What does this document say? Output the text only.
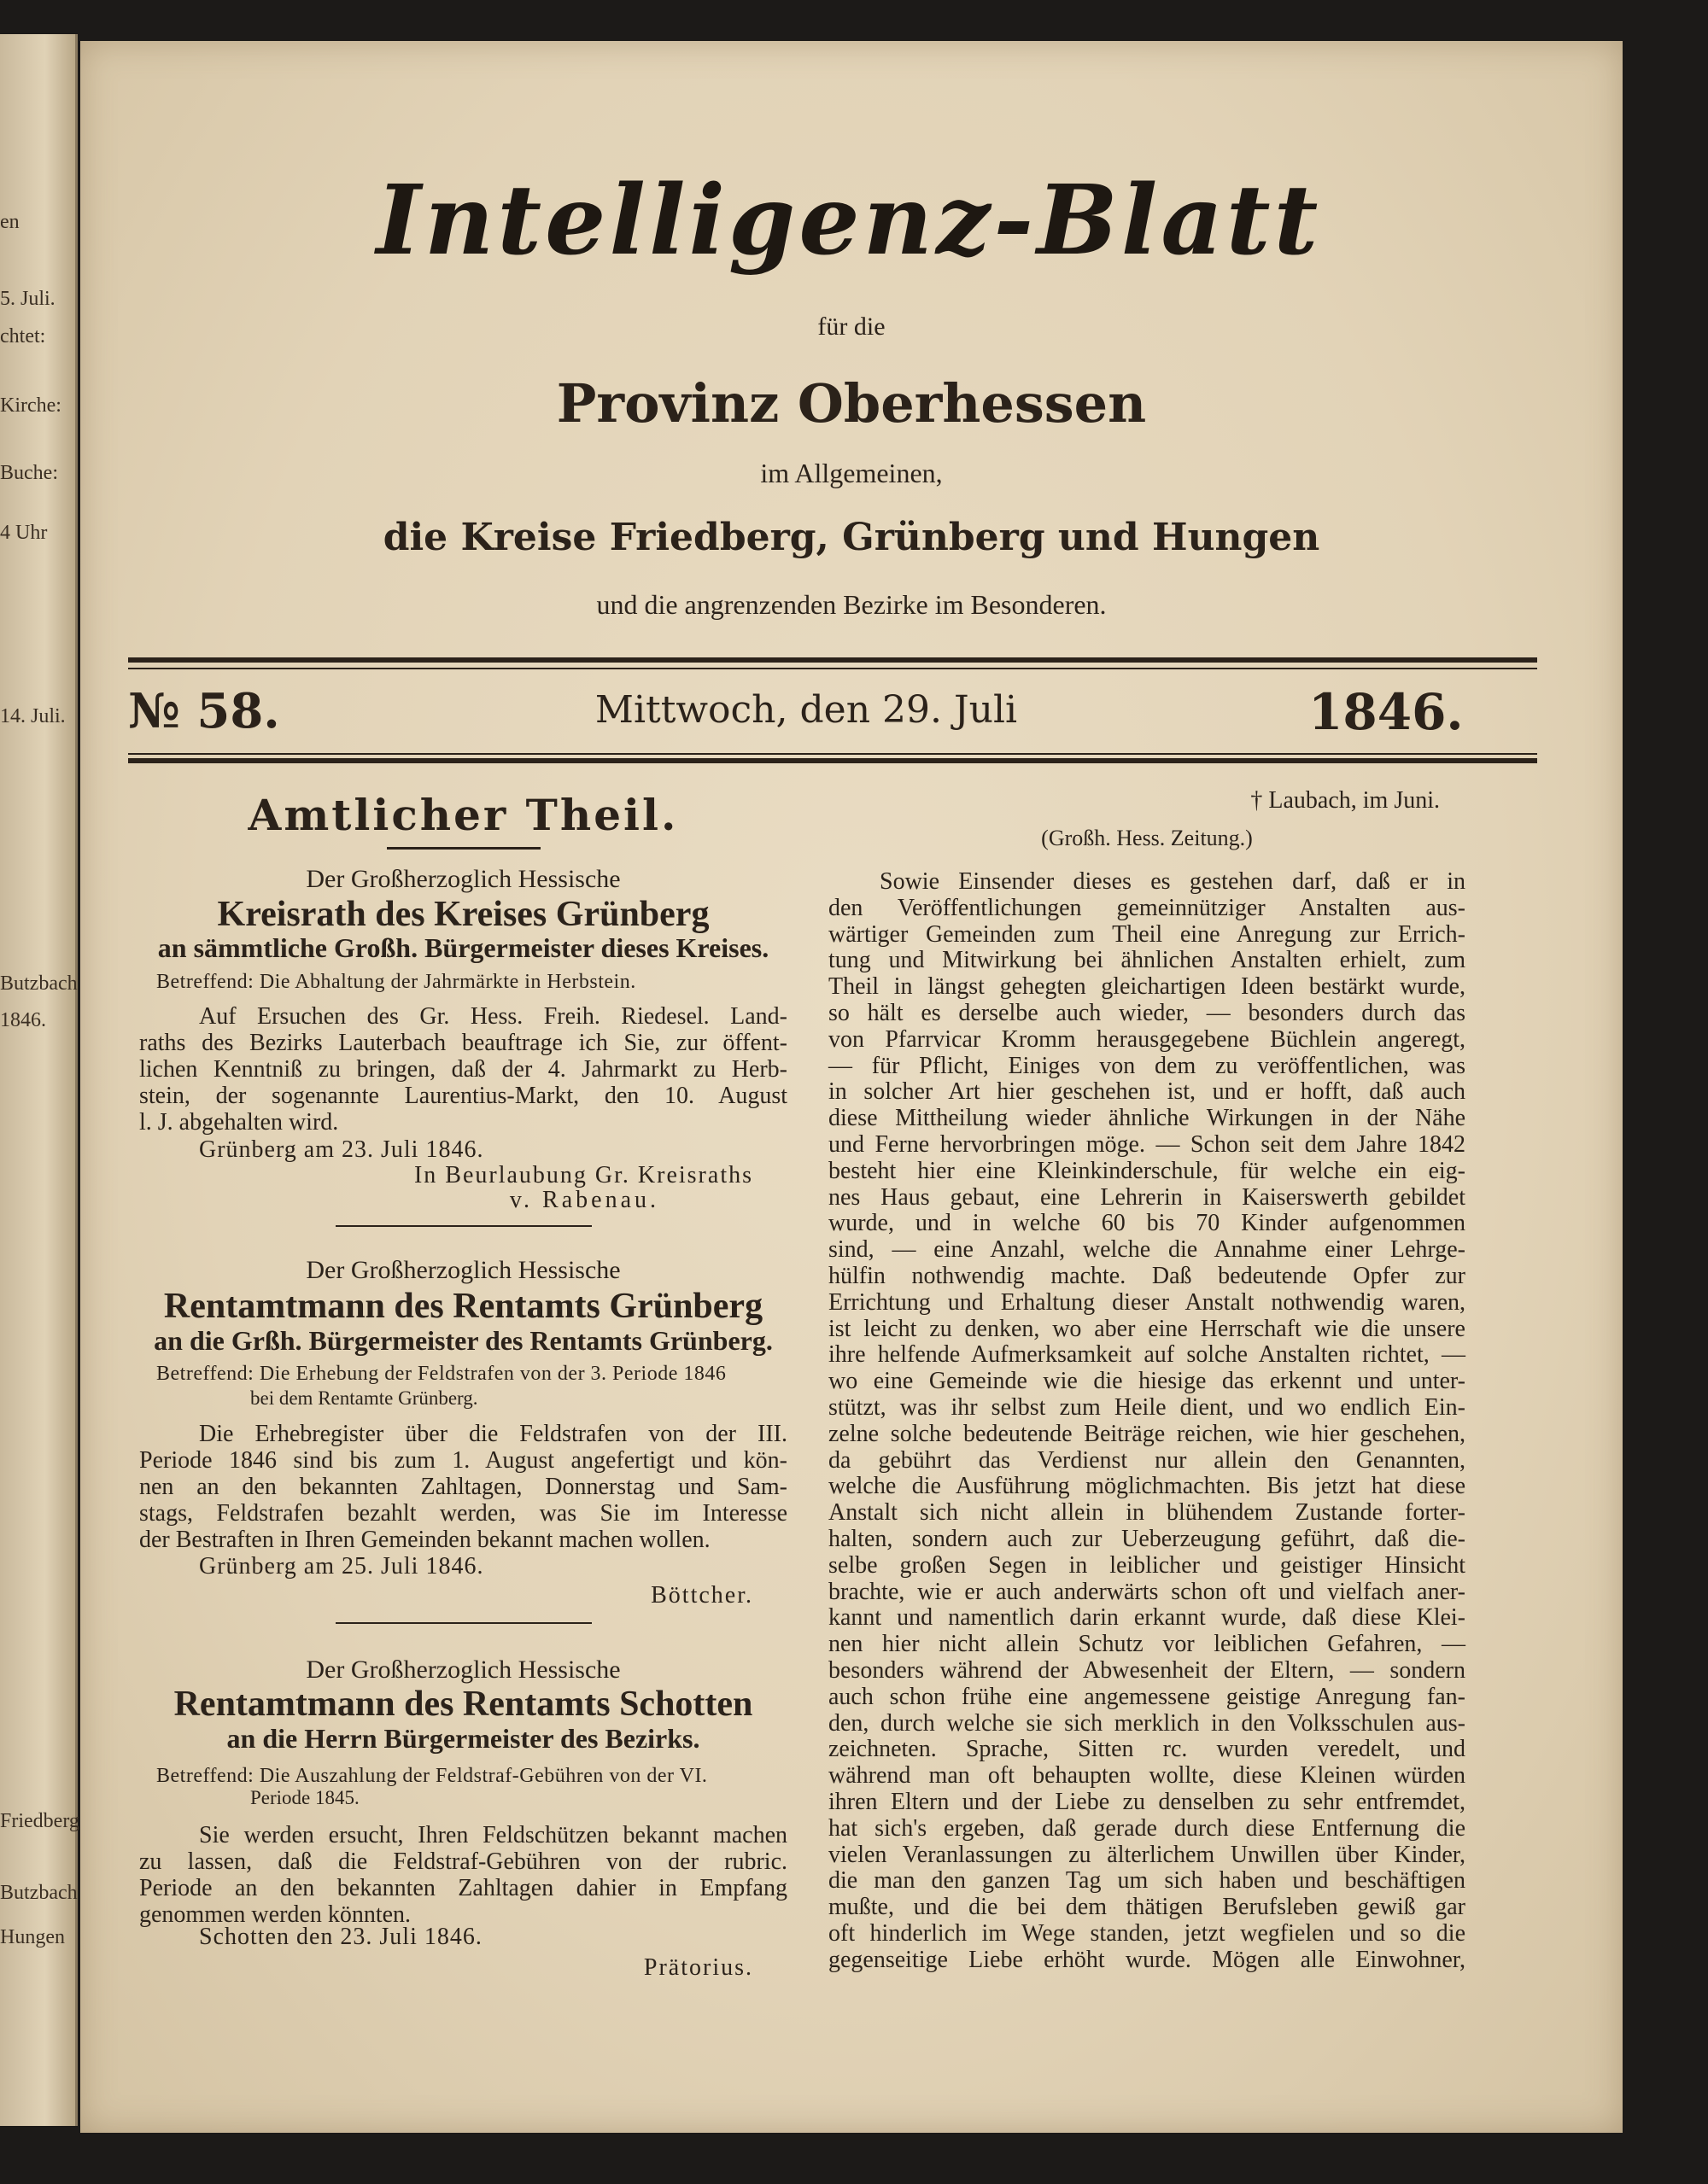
en
5. Juli.
chtet:
Kirche:
Buche:
4 Uhr
14. Juli.
Butzbach
1846.
Friedberg
Butzbach
Hungen
Intelligenz-Blatt
für die
Provinz Oberhessen
im Allgemeinen,
die Kreise Friedberg, Grünberg und Hungen
und die angrenzenden Bezirke im Besonderen.
№ 58.	Mittwoch, den 29. Juli	1846.
Amtlicher Theil.
Der Großherzoglich Hessische
Kreisrath des Kreises Grünberg
an sämmtliche Großh. Bürgermeister dieses Kreises.
Betreffend: Die Abhaltung der Jahrmärkte in Herbstein.
Auf Ersuchen des Gr. Hess. Freih. Riedesel. Land-
raths des Bezirks Lauterbach beauftrage ich Sie, zur öffent-
lichen Kenntniß zu bringen, daß der 4. Jahrmarkt zu Herb-
stein, der sogenannte Laurentius-Markt, den 10. August
l. J. abgehalten wird.
Grünberg am 23. Juli 1846.
In Beurlaubung Gr. Kreisraths
v. Rabenau.
Der Großherzoglich Hessische
Rentamtmann des Rentamts Grünberg
an die Grßh. Bürgermeister des Rentamts Grünberg.
Betreffend: Die Erhebung der Feldstrafen von der 3. Periode 1846
bei dem Rentamte Grünberg.
Die Erhebregister über die Feldstrafen von der III.
Periode 1846 sind bis zum 1. August angefertigt und kön-
nen an den bekannten Zahltagen, Donnerstag und Sam-
stags, Feldstrafen bezahlt werden, was Sie im Interesse
der Bestraften in Ihren Gemeinden bekannt machen wollen.
Grünberg am 25. Juli 1846.
Böttcher.
Der Großherzoglich Hessische
Rentamtmann des Rentamts Schotten
an die Herrn Bürgermeister des Bezirks.
Betreffend: Die Auszahlung der Feldstraf-Gebühren von der VI.
Periode 1845.
Sie werden ersucht, Ihren Feldschützen bekannt machen
zu lassen, daß die Feldstraf-Gebühren von der rubric.
Periode an den bekannten Zahltagen dahier in Empfang
genommen werden könnten.
Schotten den 23. Juli 1846.
Prätorius.
† Laubach, im Juni.
(Großh. Hess. Zeitung.)
Sowie Einsender dieses es gestehen darf, daß er in
den Veröffentlichungen gemeinnütziger Anstalten aus-
wärtiger Gemeinden zum Theil eine Anregung zur Errich-
tung und Mitwirkung bei ähnlichen Anstalten erhielt, zum
Theil in längst gehegten gleichartigen Ideen bestärkt wurde,
so hält es derselbe auch wieder, — besonders durch das
von Pfarrvicar Kromm herausgegebene Büchlein angeregt,
— für Pflicht, Einiges von dem zu veröffentlichen, was
in solcher Art hier geschehen ist, und er hofft, daß auch
diese Mittheilung wieder ähnliche Wirkungen in der Nähe
und Ferne hervorbringen möge. — Schon seit dem Jahre 1842
besteht hier eine Kleinkinderschule, für welche ein eig-
nes Haus gebaut, eine Lehrerin in Kaiserswerth gebildet
wurde, und in welche 60 bis 70 Kinder aufgenommen
sind, — eine Anzahl, welche die Annahme einer Lehrge-
hülfin nothwendig machte. Daß bedeutende Opfer zur
Errichtung und Erhaltung dieser Anstalt nothwendig waren,
ist leicht zu denken, wo aber eine Herrschaft wie die unsere
ihre helfende Aufmerksamkeit auf solche Anstalten richtet, —
wo eine Gemeinde wie die hiesige das erkennt und unter-
stützt, was ihr selbst zum Heile dient, und wo endlich Ein-
zelne solche bedeutende Beiträge reichen, wie hier geschehen,
da gebührt das Verdienst nur allein den Genannten,
welche die Ausführung möglichmachten. Bis jetzt hat diese
Anstalt sich nicht allein in blühendem Zustande forter-
halten, sondern auch zur Ueberzeugung geführt, daß die-
selbe großen Segen in leiblicher und geistiger Hinsicht
brachte, wie er auch anderwärts schon oft und vielfach aner-
kannt und namentlich darin erkannt wurde, daß diese Klei-
nen hier nicht allein Schutz vor leiblichen Gefahren, —
besonders während der Abwesenheit der Eltern, — sondern
auch schon frühe eine angemessene geistige Anregung fan-
den, durch welche sie sich merklich in den Volksschulen aus-
zeichneten. Sprache, Sitten rc. wurden veredelt, und
während man oft behaupten wollte, diese Kleinen würden
ihren Eltern und der Liebe zu denselben zu sehr entfremdet,
hat sich's ergeben, daß gerade durch diese Entfernung die
vielen Veranlassungen zu älterlichem Unwillen über Kinder,
die man den ganzen Tag um sich haben und beschäftigen
mußte, und die bei dem thätigen Berufsleben gewiß gar
oft hinderlich im Wege standen, jetzt wegfielen und so die
gegenseitige Liebe erhöht wurde. Mögen alle Einwohner,
